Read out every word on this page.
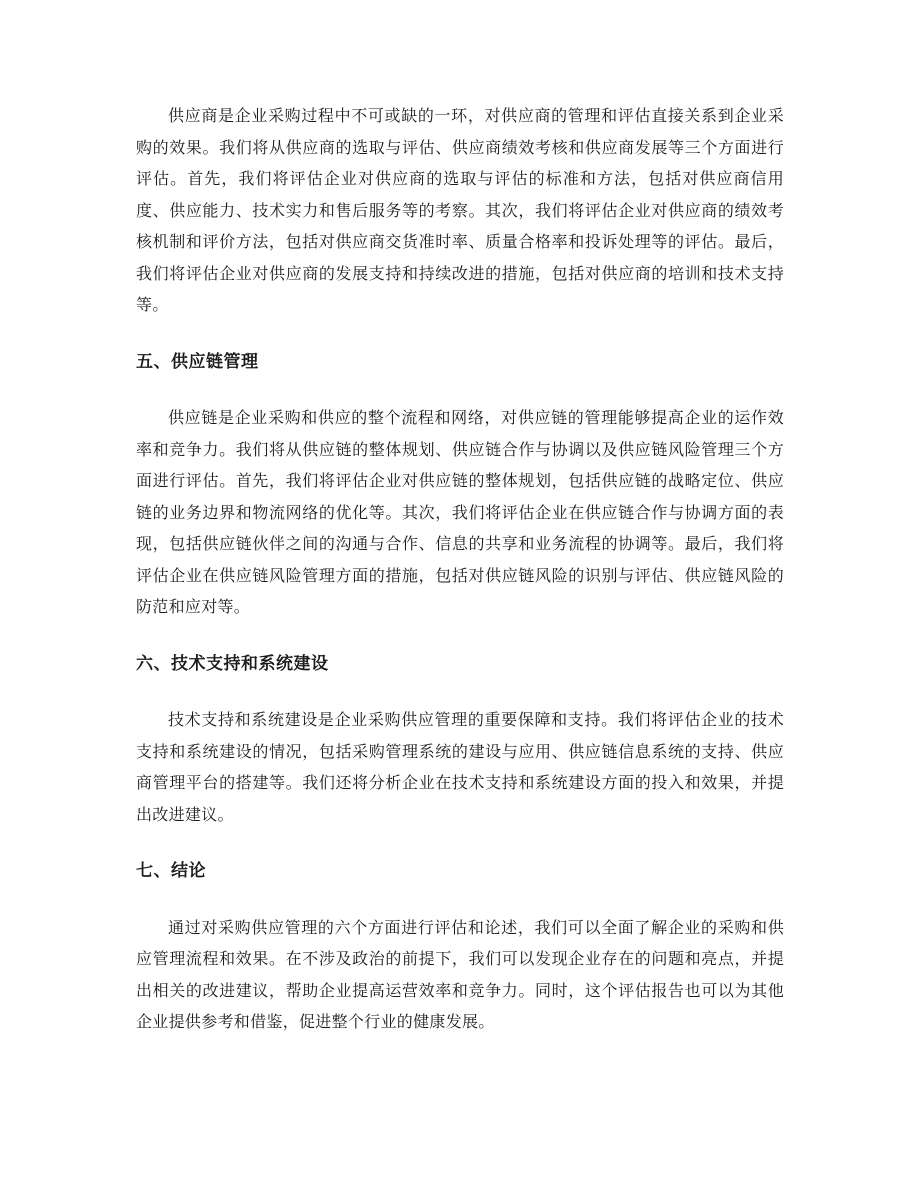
供应商是企业采购过程中不可或缺的一环，对供应商的管理和评估直接关系到企业采购的效果。我们将从供应商的选取与评估、供应商绩效考核和供应商发展等三个方面进行评估。首先，我们将评估企业对供应商的选取与评估的标准和方法，包括对供应商信用度、供应能力、技术实力和售后服务等的考察。其次，我们将评估企业对供应商的绩效考核机制和评价方法，包括对供应商交货准时率、质量合格率和投诉处理等的评估。最后，我们将评估企业对供应商的发展支持和持续改进的措施，包括对供应商的培训和技术支持等。

五、供应链管理

供应链是企业采购和供应的整个流程和网络，对供应链的管理能够提高企业的运作效率和竞争力。我们将从供应链的整体规划、供应链合作与协调以及供应链风险管理三个方面进行评估。首先，我们将评估企业对供应链的整体规划，包括供应链的战略定位、供应链的业务边界和物流网络的优化等。其次，我们将评估企业在供应链合作与协调方面的表现，包括供应链伙伴之间的沟通与合作、信息的共享和业务流程的协调等。最后，我们将评估企业在供应链风险管理方面的措施，包括对供应链风险的识别与评估、供应链风险的防范和应对等。

六、技术支持和系统建设

技术支持和系统建设是企业采购供应管理的重要保障和支持。我们将评估企业的技术支持和系统建设的情况，包括采购管理系统的建设与应用、供应链信息系统的支持、供应商管理平台的搭建等。我们还将分析企业在技术支持和系统建设方面的投入和效果，并提出改进建议。

七、结论

通过对采购供应管理的六个方面进行评估和论述，我们可以全面了解企业的采购和供应管理流程和效果。在不涉及政治的前提下，我们可以发现企业存在的问题和亮点，并提出相关的改进建议，帮助企业提高运营效率和竞争力。同时，这个评估报告也可以为其他企业提供参考和借鉴，促进整个行业的健康发展。
